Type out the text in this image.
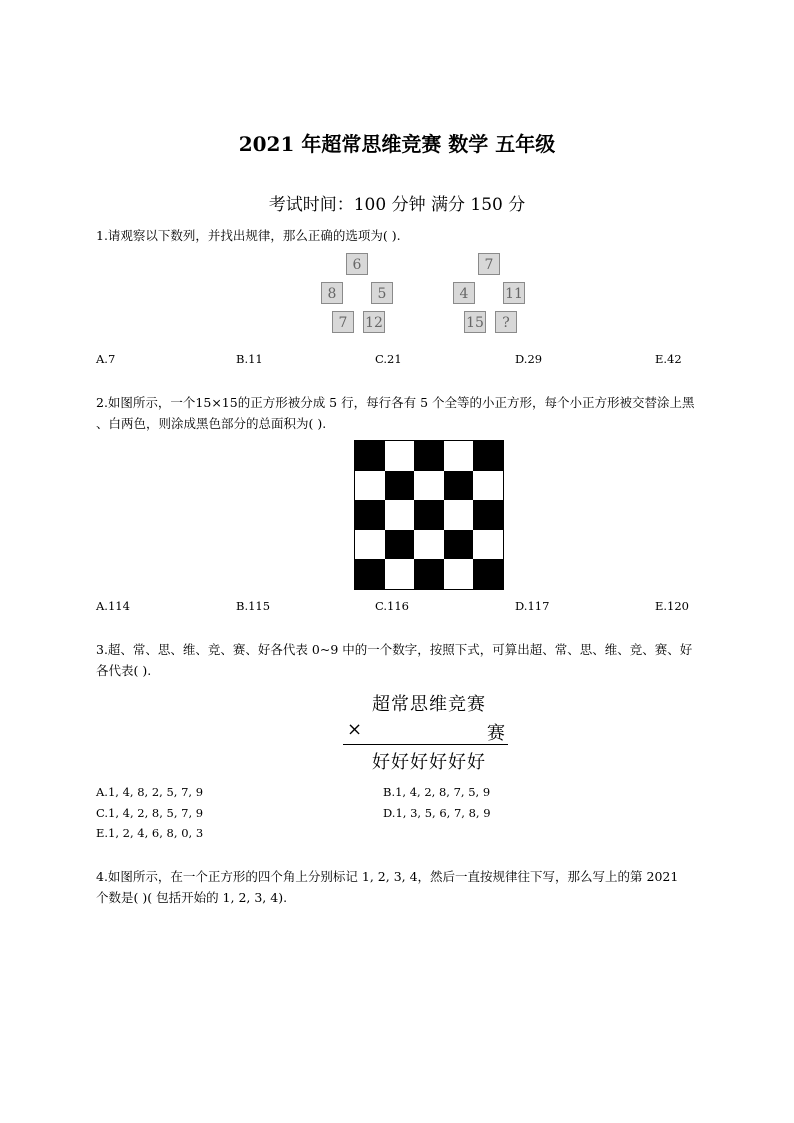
2021 年超常思维竞赛 数学 五年级
考试时间：100 分钟 满分 150 分
1.请观察以下数列，并找出规律，那么正确的选项为( ).
6
8	5
7	12
7
4	11
15	?
A.7	B.11	C.21	D.29	E.42
2.如图所示，一个15×15的正方形被分成 5 行，每行各有 5 个全等的小正方形，每个小正方形被交替涂上黑
、白两色，则涂成黑色部分的总面积为( ).
A.114	B.115	C.116	D.117	E.120
3.超、常、思、维、竞、赛、好各代表 0~9 中的一个数字，按照下式，可算出超、常、思、维、竞、赛、好
各代表( ).
超常思维竞赛
×	赛
好好好好好好
A.1, 4, 8, 2, 5, 7, 9	B.1, 4, 2, 8, 7, 5, 9
C.1, 4, 2, 8, 5, 7, 9	D.1, 3, 5, 6, 7, 8, 9
E.1, 2, 4, 6, 8, 0, 3
4.如图所示，在一个正方形的四个角上分别标记 1, 2, 3, 4，然后一直按规律往下写，那么写上的第 2021
个数是( )( 包括开始的 1, 2, 3, 4).
